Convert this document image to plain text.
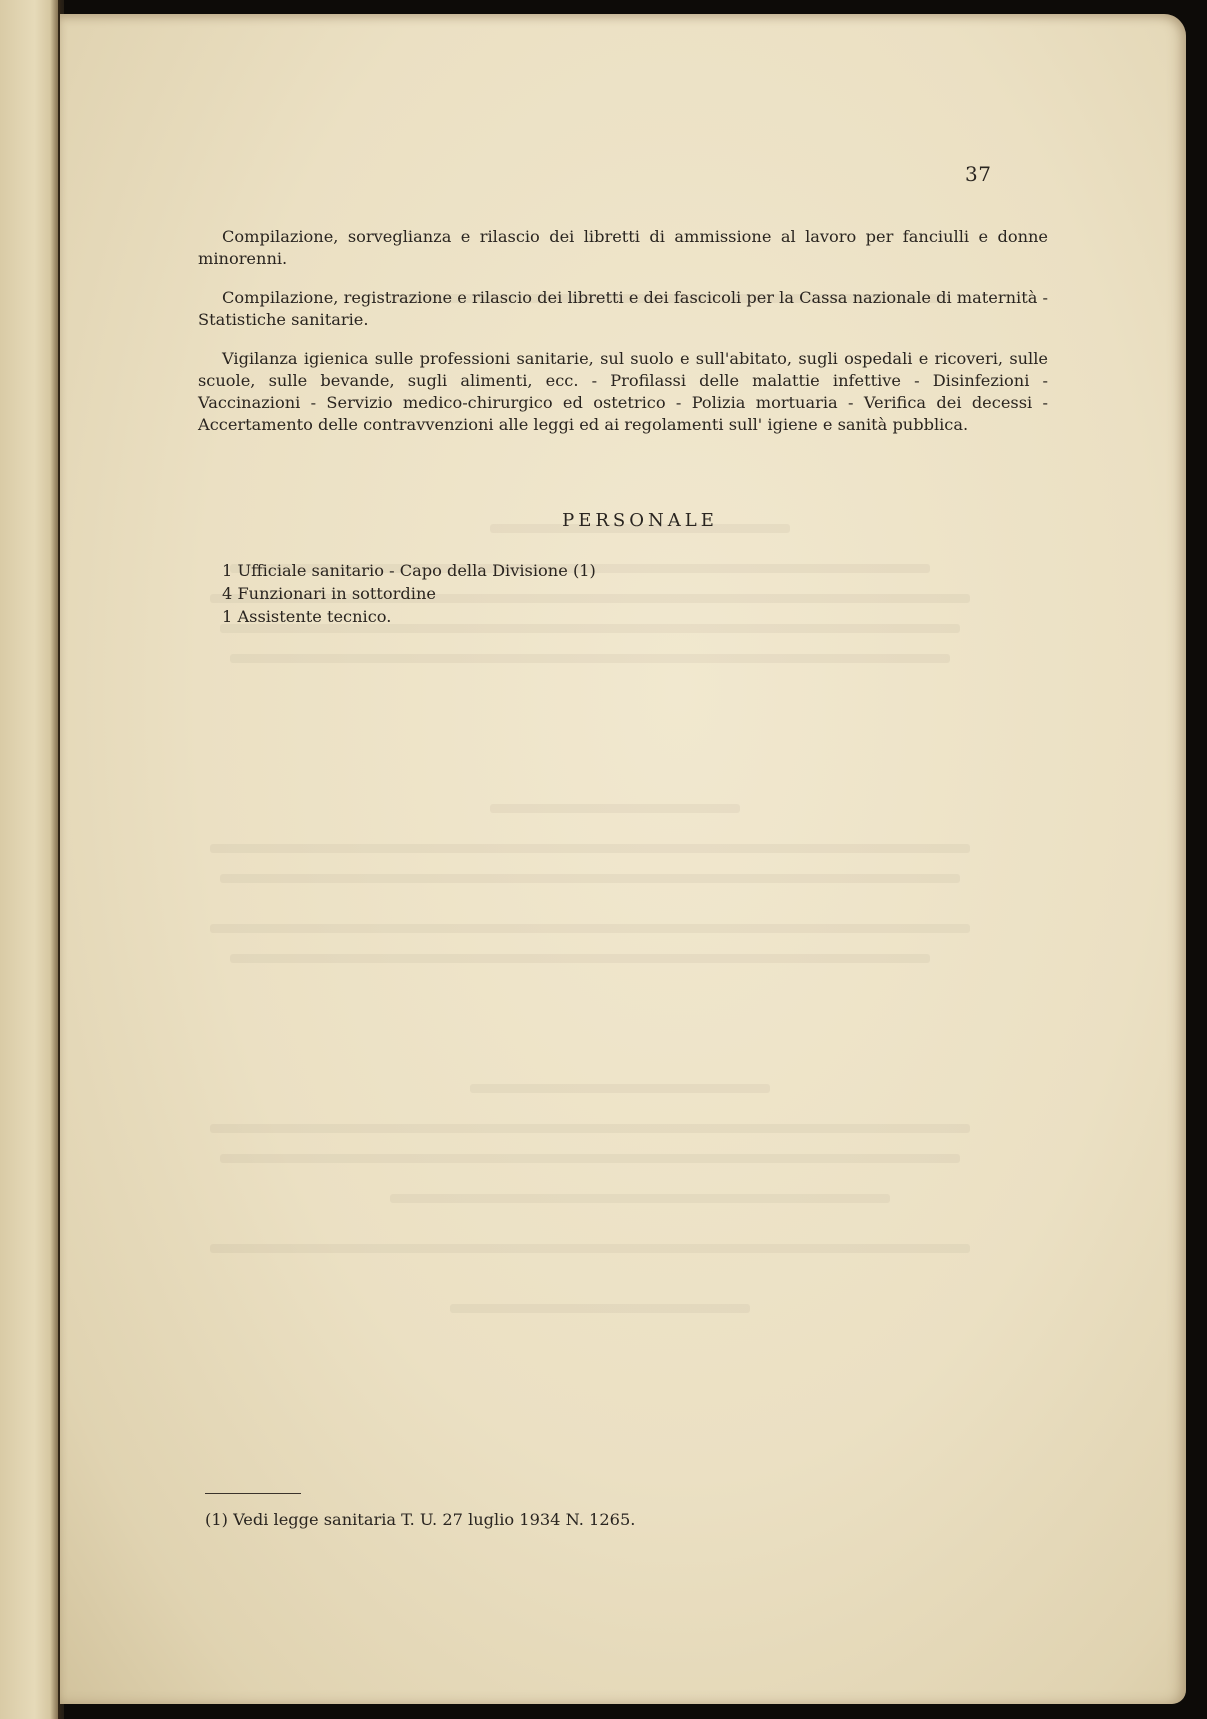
37

Compilazione, sorveglianza e rilascio dei libretti di ammissione al lavoro per fanciulli e donne minorenni.

Compilazione, registrazione e rilascio dei libretti e dei fascicoli per la Cassa nazionale di maternità - Statistiche sanitarie.

Vigilanza igienica sulle professioni sanitarie, sul suolo e sull'abitato, sugli ospedali e ricoveri, sulle scuole, sulle bevande, sugli alimenti, ecc. - Profilassi delle malattie infettive - Disinfezioni - Vaccinazioni - Servizio medico-chirurgico ed ostetrico - Polizia mortuaria - Verifica dei decessi - Accertamento delle contravvenzioni alle leggi ed ai regolamenti sull' igiene e sanità pubblica.

PERSONALE
1 Ufficiale sanitario - Capo della Divisione (1)
4 Funzionari in sottordine
1 Assistente tecnico.
(1) Vedi legge sanitaria T. U. 27 luglio 1934 N. 1265.
